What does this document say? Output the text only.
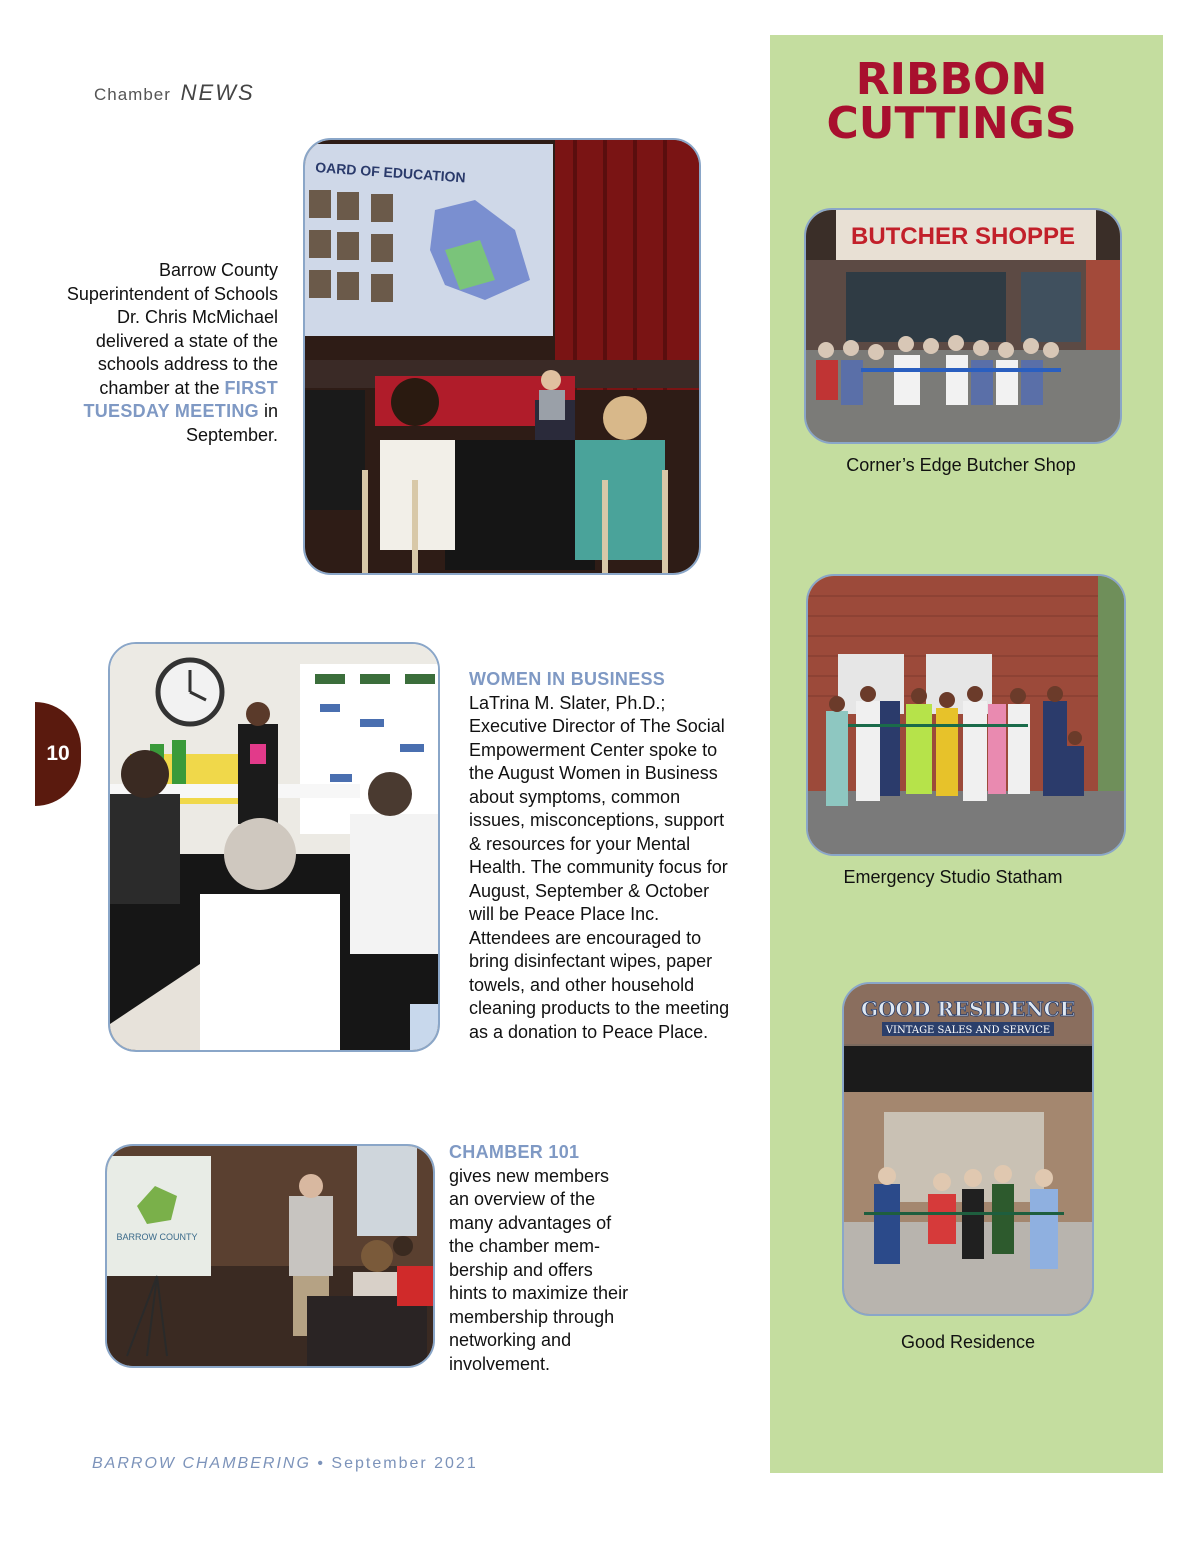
Chamber NEWS	RIBBON
CUTTINGS
BUTCHER SHOPPE
Corner’s Edge Butcher Shop
Emergency Studio Statham
GOOD RESIDENCE
VINTAGE SALES AND SERVICE
Good Residence
Barrow County Superintendent of Schools Dr. Chris McMichael delivered a state of the schools address to the chamber at the FIRST TUESDAY MEETING in September.
OARD OF EDUCATION
WOMEN IN BUSINESS
LaTrina M. Slater, Ph.D.; Executive Director of The Social Empowerment Center spoke to the August Women in Business about symptoms, common issues, misconceptions, support & resources for your Mental Health. The community focus for August, September & October will be Peace Place Inc. Attendees are encouraged to bring disinfectant wipes, paper towels, and other household cleaning products to the meeting as a donation to Peace Place.
BARROW COUNTY
CHAMBER 101
gives new members an overview of the many advantages of the chamber mem-bership and offers hints to maximize their membership through networking and involvement.
10
BARROW CHAMBERING • September 2021
